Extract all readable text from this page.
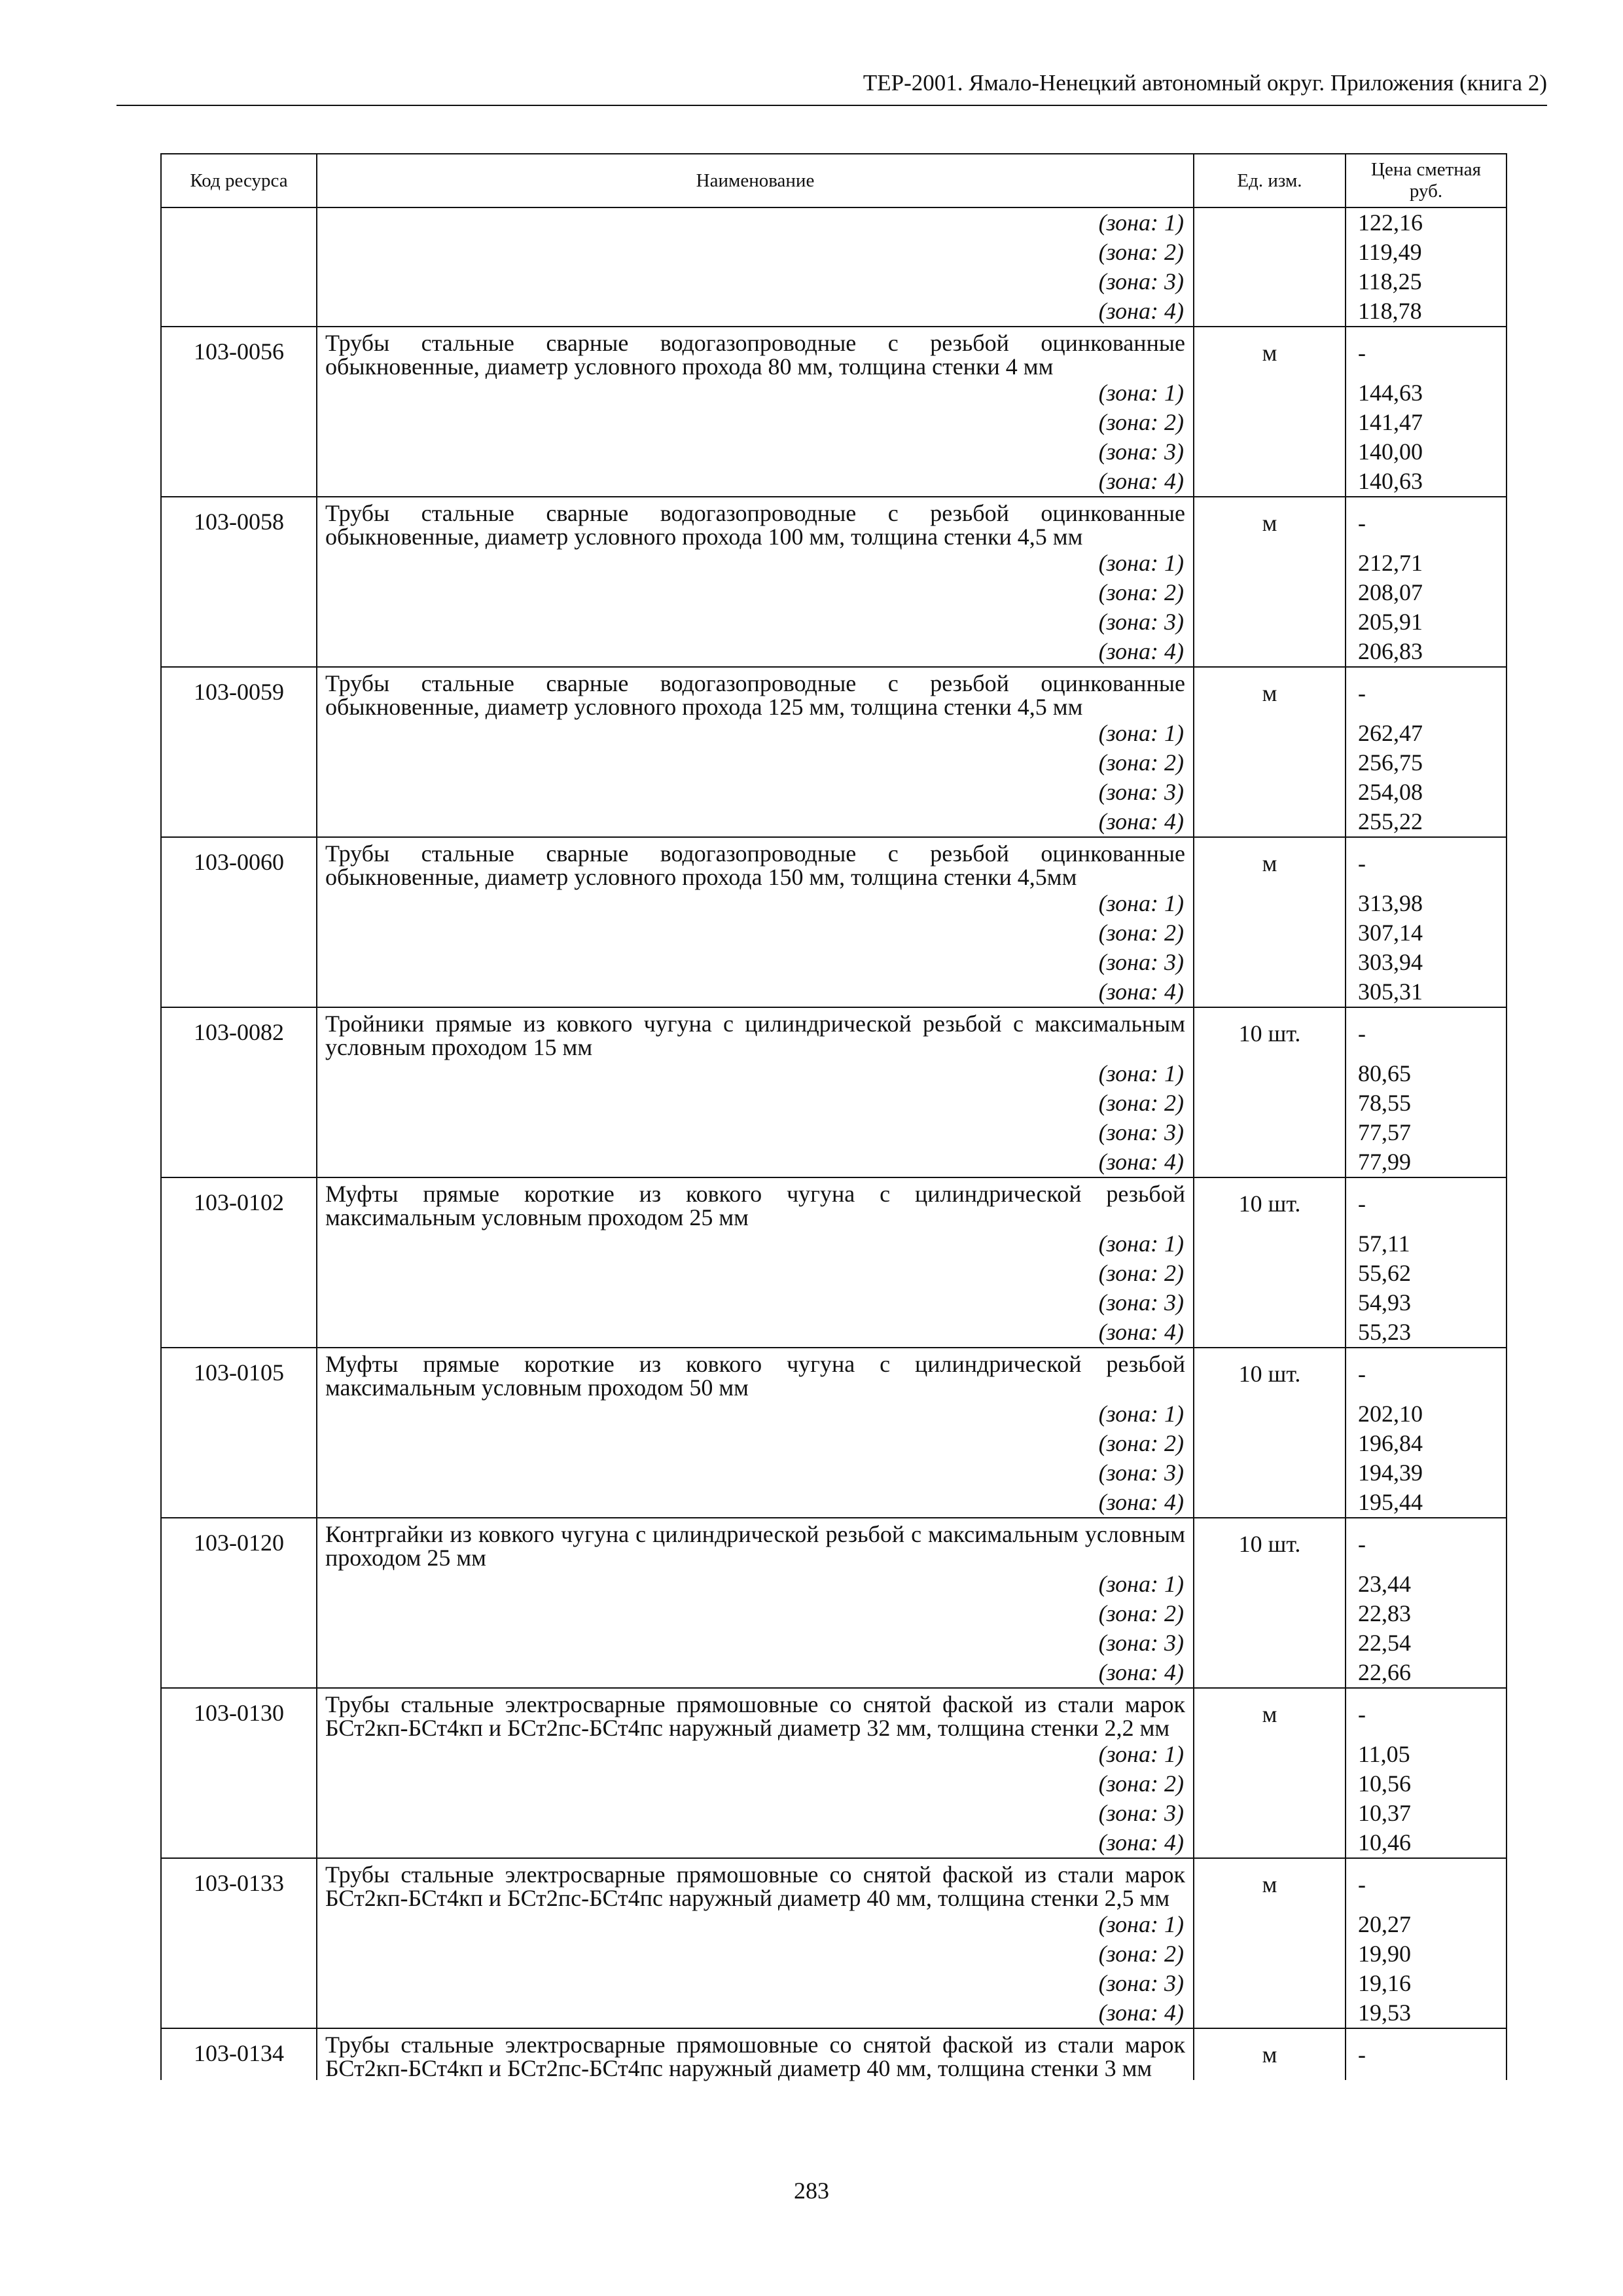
ТЕР-2001. Ямало-Ненецкий автономный округ. Приложения (книга 2)
Код ресурса	Наименование	Ед. изм.	Цена сметная руб.
	(зона: 1)		122,16
	(зона: 2)		119,49
	(зона: 3)		118,25
	(зона: 4)		118,78
103-0056	Трубы стальные сварные водогазопроводные с резьбой оцинкованные обыкновенные, диаметр условного прохода 80 мм, толщина стенки 4 мм	м	-
	(зона: 1)		144,63
	(зона: 2)		141,47
	(зона: 3)		140,00
	(зона: 4)		140,63
103-0058	Трубы стальные сварные водогазопроводные с резьбой оцинкованные обыкновенные, диаметр условного прохода 100 мм, толщина стенки 4,5 мм	м	-
	(зона: 1)		212,71
	(зона: 2)		208,07
	(зона: 3)		205,91
	(зона: 4)		206,83
103-0059	Трубы стальные сварные водогазопроводные с резьбой оцинкованные обыкновенные, диаметр условного прохода 125 мм, толщина стенки 4,5 мм	м	-
	(зона: 1)		262,47
	(зона: 2)		256,75
	(зона: 3)		254,08
	(зона: 4)		255,22
103-0060	Трубы стальные сварные водогазопроводные с резьбой оцинкованные обыкновенные, диаметр условного прохода 150 мм, толщина стенки 4,5мм	м	-
	(зона: 1)		313,98
	(зона: 2)		307,14
	(зона: 3)		303,94
	(зона: 4)		305,31
103-0082	Тройники прямые из ковкого чугуна с цилиндрической резьбой с максимальным условным проходом 15 мм	10 шт.	-
	(зона: 1)		80,65
	(зона: 2)		78,55
	(зона: 3)		77,57
	(зона: 4)		77,99
103-0102	Муфты прямые короткие из ковкого чугуна с цилиндрической резьбой максимальным условным проходом 25 мм	10 шт.	-
	(зона: 1)		57,11
	(зона: 2)		55,62
	(зона: 3)		54,93
	(зона: 4)		55,23
103-0105	Муфты прямые короткие из ковкого чугуна с цилиндрической резьбой максимальным условным проходом 50 мм	10 шт.	-
	(зона: 1)		202,10
	(зона: 2)		196,84
	(зона: 3)		194,39
	(зона: 4)		195,44
103-0120	Контргайки из ковкого чугуна с цилиндрической резьбой с максимальным условным проходом 25 мм	10 шт.	-
	(зона: 1)		23,44
	(зона: 2)		22,83
	(зона: 3)		22,54
	(зона: 4)		22,66
103-0130	Трубы стальные электросварные прямошовные со снятой фаской из стали марок БСт2кп-БСт4кп и БСт2пс-БСт4пс наружный диаметр 32 мм, толщина стенки 2,2 мм	м	-
	(зона: 1)		11,05
	(зона: 2)		10,56
	(зона: 3)		10,37
	(зона: 4)		10,46
103-0133	Трубы стальные электросварные прямошовные со снятой фаской из стали марок БСт2кп-БСт4кп и БСт2пс-БСт4пс наружный диаметр 40 мм, толщина стенки 2,5 мм	м	-
	(зона: 1)		20,27
	(зона: 2)		19,90
	(зона: 3)		19,16
	(зона: 4)		19,53
103-0134	Трубы стальные электросварные прямошовные со снятой фаской из стали марок БСт2кп-БСт4кп и БСт2пс-БСт4пс наружный диаметр 40 мм, толщина стенки 3 мм	м	-
283
